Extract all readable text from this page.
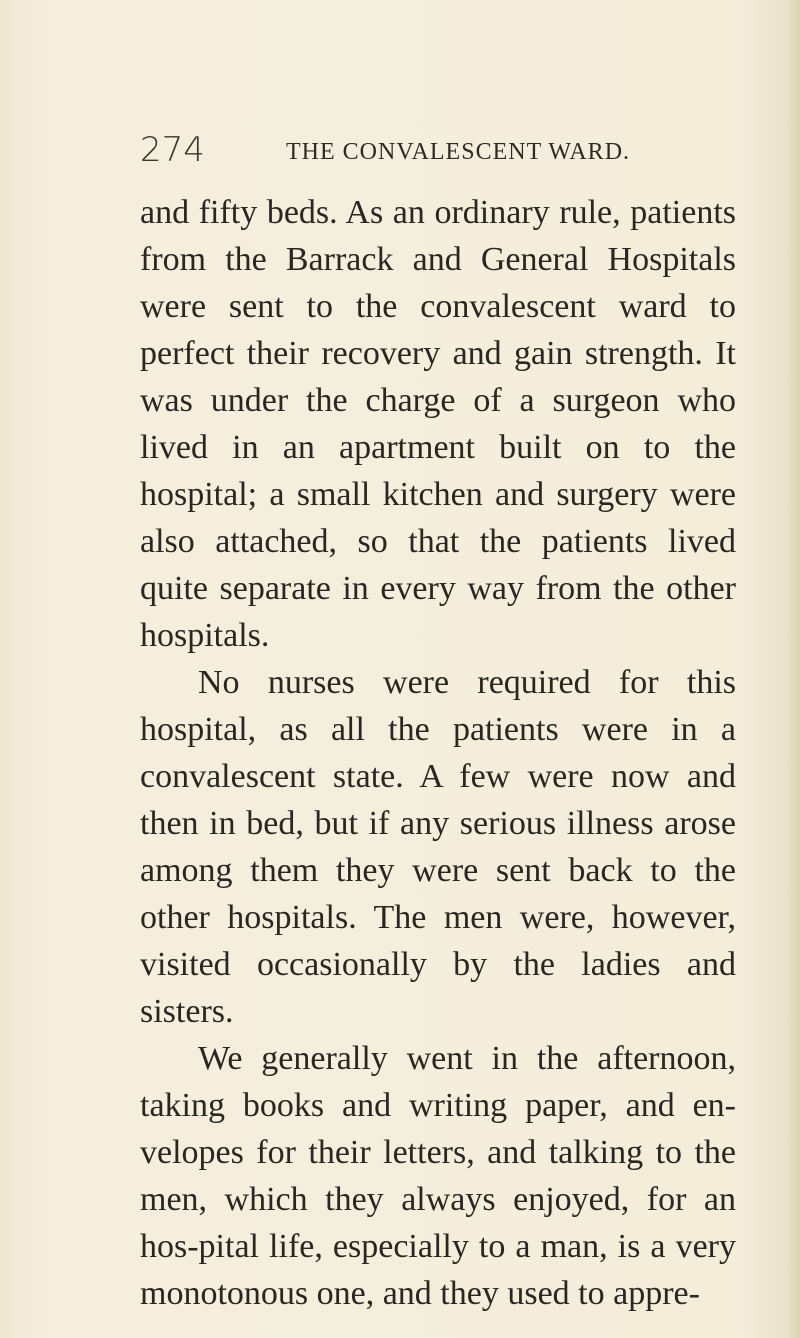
274	THE CONVALESCENT WARD.

and fifty beds. As an ordinary rule, patients from the Barrack and General Hospitals were sent to the convalescent ward to perfect their recovery and gain strength. It was under the charge of a surgeon who lived in an apartment built on to the hospital; a small kitchen and surgery were also attached, so that the patients lived quite separate in every way from the other hospitals.

No nurses were required for this hospital, as all the patients were in a convalescent state. A few were now and then in bed, but if any serious illness arose among them they were sent back to the other hospitals. The men were, however, visited occasionally by the ladies and sisters.

We generally went in the afternoon, taking books and writing paper, and en-velopes for their letters, and talking to the men, which they always enjoyed, for an hos-pital life, especially to a man, is a very monotonous one, and they used to appre-
